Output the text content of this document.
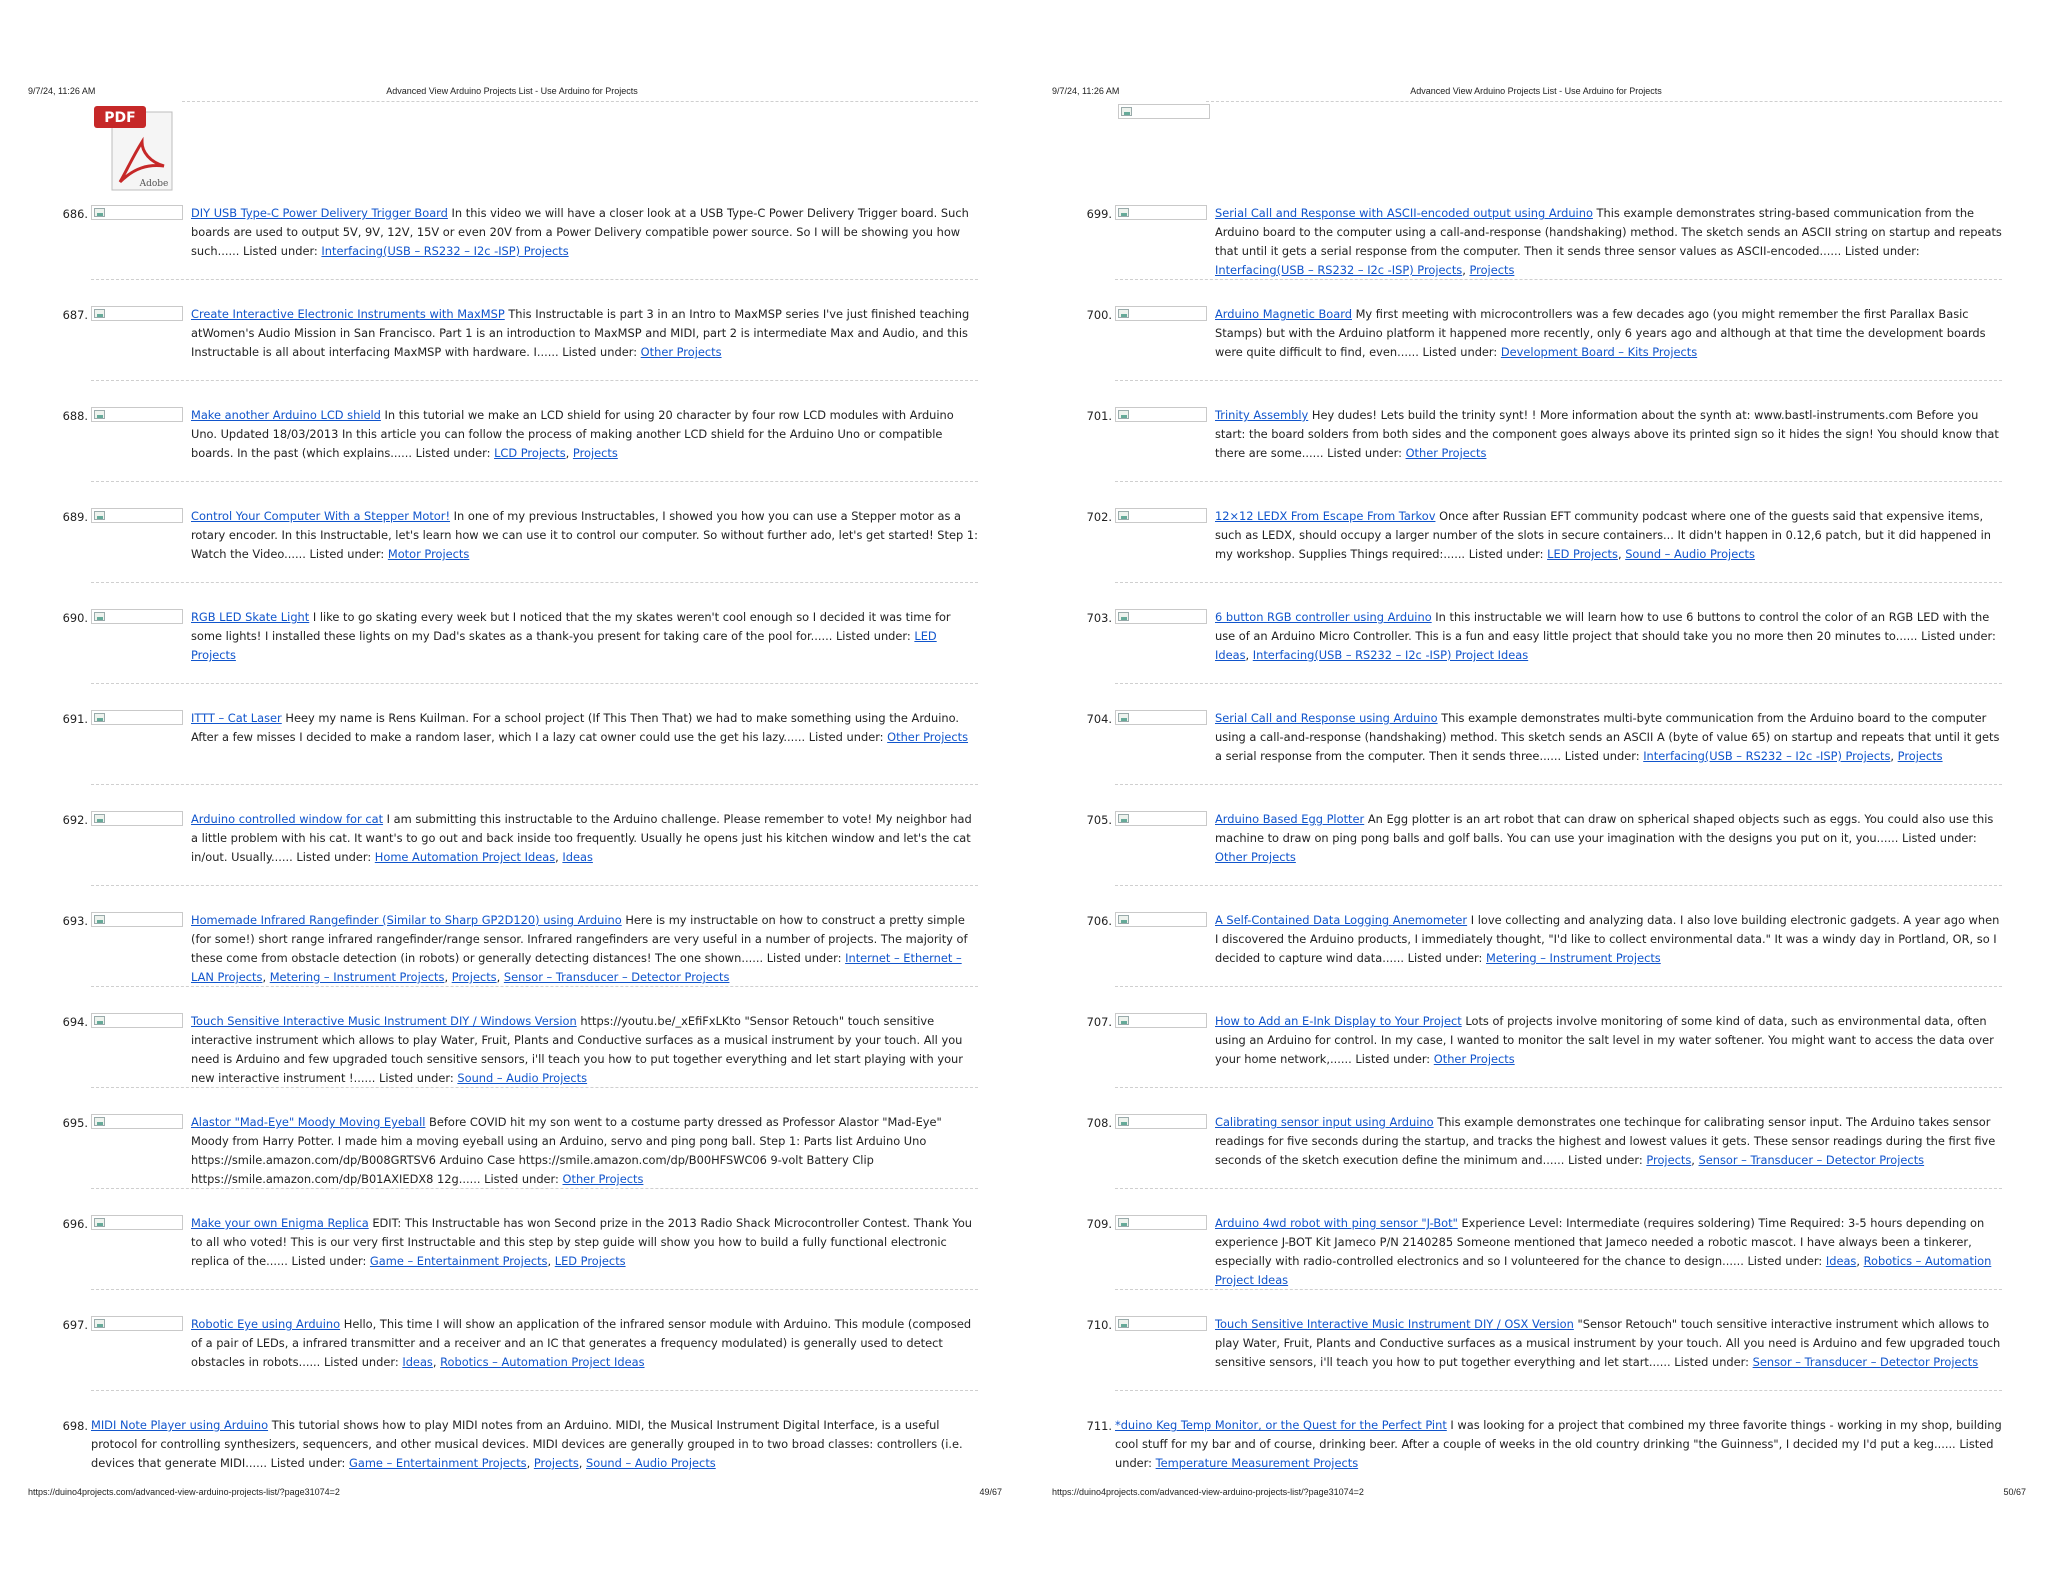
9/7/24, 11:26 AM	Advanced View Arduino Projects List - Use Arduino for Projects
PDF
Adobe
686.	DIY USB Type-C Power Delivery Trigger Board In this video we will have a closer look at a USB Type-C Power Delivery Trigger board. Such boards are used to output 5V, 9V, 12V, 15V or even 20V from a Power Delivery compatible power source. So I will be showing you how such...... Listed under: Interfacing(USB – RS232 – I2c -ISP) Projects
687.	Create Interactive Electronic Instruments with MaxMSP This Instructable is part 3 in an Intro to MaxMSP series I've just finished teaching atWomen's Audio Mission in San Francisco. Part 1 is an introduction to MaxMSP and MIDI, part 2 is intermediate Max and Audio, and this Instructable is all about interfacing MaxMSP with hardware. I...... Listed under: Other Projects
688.	Make another Arduino LCD shield In this tutorial we make an LCD shield for using 20 character by four row LCD modules with Arduino Uno. Updated 18/03/2013 In this article you can follow the process of making another LCD shield for the Arduino Uno or compatible boards. In the past (which explains...... Listed under: LCD Projects, Projects
689.	Control Your Computer With a Stepper Motor! In one of my previous Instructables, I showed you how you can use a Stepper motor as a rotary encoder. In this Instructable, let's learn how we can use it to control our computer. So without further ado, let's get started! Step 1: Watch the Video...... Listed under: Motor Projects
690.	RGB LED Skate Light I like to go skating every week but I noticed that the my skates weren't cool enough so I decided it was time for some lights! I installed these lights on my Dad's skates as a thank-you present for taking care of the pool for...... Listed under: LED Projects
691.	ITTT – Cat Laser Heey my name is Rens Kuilman. For a school project (If This Then That) we had to make something using the Arduino. After a few misses I decided to make a random laser, which I a lazy cat owner could use the get his lazy...... Listed under: Other Projects
692.	Arduino controlled window for cat I am submitting this instructable to the Arduino challenge. Please remember to vote! My neighbor had a little problem with his cat. It want's to go out and back inside too frequently. Usually he opens just his kitchen window and let's the cat in/out. Usually...... Listed under: Home Automation Project Ideas, Ideas
693.	Homemade Infrared Rangefinder (Similar to Sharp GP2D120) using Arduino Here is my instructable on how to construct a pretty simple (for some!) short range infrared rangefinder/range sensor. Infrared rangefinders are very useful in a number of projects. The majority of these come from obstacle detection (in robots) or generally detecting distances! The one shown...... Listed under: Internet – Ethernet – LAN Projects, Metering – Instrument Projects, Projects, Sensor – Transducer – Detector Projects
694.	Touch Sensitive Interactive Music Instrument DIY / Windows Version https://youtu.be/_xEfiFxLKto "Sensor Retouch" touch sensitive interactive instrument which allows to play Water, Fruit, Plants and Conductive surfaces as a musical instrument by your touch. All you need is Arduino and few upgraded touch sensitive sensors, i'll teach you how to put together everything and let start playing with your new interactive instrument !...... Listed under: Sound – Audio Projects
695.	Alastor "Mad-Eye" Moody Moving Eyeball Before COVID hit my son went to a costume party dressed as Professor Alastor "Mad-Eye" Moody from Harry Potter. I made him a moving eyeball using an Arduino, servo and ping pong ball. Step 1: Parts list Arduino Uno https://smile.amazon.com/dp/B008GRTSV6 Arduino Case https://smile.amazon.com/dp/B00HFSWC06 9-volt Battery Clip https://smile.amazon.com/dp/B01AXIEDX8 12g...... Listed under: Other Projects
696.	Make your own Enigma Replica EDIT: This Instructable has won Second prize in the 2013 Radio Shack Microcontroller Contest. Thank You to all who voted! This is our very first Instructable and this step by step guide will show you how to build a fully functional electronic replica of the...... Listed under: Game – Entertainment Projects, LED Projects
697.	Robotic Eye using Arduino Hello, This time I will show an application of the infrared sensor module with Arduino. This module (composed of a pair of LEDs, a infrared transmitter and a receiver and an IC that generates a frequency modulated) is generally used to detect obstacles in robots...... Listed under: Ideas, Robotics – Automation Project Ideas
698. MIDI Note Player using Arduino This tutorial shows how to play MIDI notes from an Arduino. MIDI, the Musical Instrument Digital Interface, is a useful protocol for controlling synthesizers, sequencers, and other musical devices. MIDI devices are generally grouped in to two broad classes: controllers (i.e. devices that generate MIDI...... Listed under: Game – Entertainment Projects, Projects, Sound – Audio Projects
https://duino4projects.com/advanced-view-arduino-projects-list/?page31074=2	49/67
9/7/24, 11:26 AM	Advanced View Arduino Projects List - Use Arduino for Projects
699.	Serial Call and Response with ASCII-encoded output using Arduino This example demonstrates string-based communication from the Arduino board to the computer using a call-and-response (handshaking) method. The sketch sends an ASCII string on startup and repeats that until it gets a serial response from the computer. Then it sends three sensor values as ASCII-encoded...... Listed under: Interfacing(USB – RS232 – I2c -ISP) Projects, Projects
700.	Arduino Magnetic Board My first meeting with microcontrollers was a few decades ago (you might remember the first Parallax Basic Stamps) but with the Arduino platform it happened more recently, only 6 years ago and although at that time the development boards were quite difficult to find, even...... Listed under: Development Board – Kits Projects
701.	Trinity Assembly Hey dudes! Lets build the trinity synt! ! More information about the synth at: www.bastl-instruments.com Before you start: the board solders from both sides and the component goes always above its printed sign so it hides the sign! You should know that there are some...... Listed under: Other Projects
702.	12×12 LEDX From Escape From Tarkov Once after Russian EFT community podcast where one of the guests said that expensive items, such as LEDX, should occupy a larger number of the slots in secure containers... It didn't happen in 0.12,6 patch, but it did happened in my workshop. Supplies Things required:...... Listed under: LED Projects, Sound – Audio Projects
703.	6 button RGB controller using Arduino In this instructable we will learn how to use 6 buttons to control the color of an RGB LED with the use of an Arduino Micro Controller. This is a fun and easy little project that should take you no more then 20 minutes to...... Listed under: Ideas, Interfacing(USB – RS232 – I2c -ISP) Project Ideas
704.	Serial Call and Response using Arduino This example demonstrates multi-byte communication from the Arduino board to the computer using a call-and-response (handshaking) method. This sketch sends an ASCII A (byte of value 65) on startup and repeats that until it gets a serial response from the computer. Then it sends three...... Listed under: Interfacing(USB – RS232 – I2c -ISP) Projects, Projects
705.	Arduino Based Egg Plotter An Egg plotter is an art robot that can draw on spherical shaped objects such as eggs. You could also use this machine to draw on ping pong balls and golf balls. You can use your imagination with the designs you put on it, you...... Listed under: Other Projects
706.	A Self-Contained Data Logging Anemometer I love collecting and analyzing data. I also love building electronic gadgets. A year ago when I discovered the Arduino products, I immediately thought, "I'd like to collect environmental data." It was a windy day in Portland, OR, so I decided to capture wind data...... Listed under: Metering – Instrument Projects
707.	How to Add an E-Ink Display to Your Project Lots of projects involve monitoring of some kind of data, such as environmental data, often using an Arduino for control. In my case, I wanted to monitor the salt level in my water softener. You might want to access the data over your home network,...... Listed under: Other Projects
708.	Calibrating sensor input using Arduino This example demonstrates one techinque for calibrating sensor input. The Arduino takes sensor readings for five seconds during the startup, and tracks the highest and lowest values it gets. These sensor readings during the first five seconds of the sketch execution define the minimum and...... Listed under: Projects, Sensor – Transducer – Detector Projects
709.	Arduino 4wd robot with ping sensor "J-Bot" Experience Level: Intermediate (requires soldering) Time Required: 3-5 hours depending on experience J-BOT Kit Jameco P/N 2140285 Someone mentioned that Jameco needed a robotic mascot. I have always been a tinkerer, especially with radio-controlled electronics and so I volunteered for the chance to design...... Listed under: Ideas, Robotics – Automation Project Ideas
710.	Touch Sensitive Interactive Music Instrument DIY / OSX Version "Sensor Retouch" touch sensitive interactive instrument which allows to play Water, Fruit, Plants and Conductive surfaces as a musical instrument by your touch. All you need is Arduino and few upgraded touch sensitive sensors, i'll teach you how to put together everything and let start...... Listed under: Sensor – Transducer – Detector Projects
711. *duino Keg Temp Monitor, or the Quest for the Perfect Pint I was looking for a project that combined my three favorite things - working in my shop, building cool stuff for my bar and of course, drinking beer. After a couple of weeks in the old country drinking "the Guinness", I decided my I'd put a keg...... Listed under: Temperature Measurement Projects
https://duino4projects.com/advanced-view-arduino-projects-list/?page31074=2	50/67
